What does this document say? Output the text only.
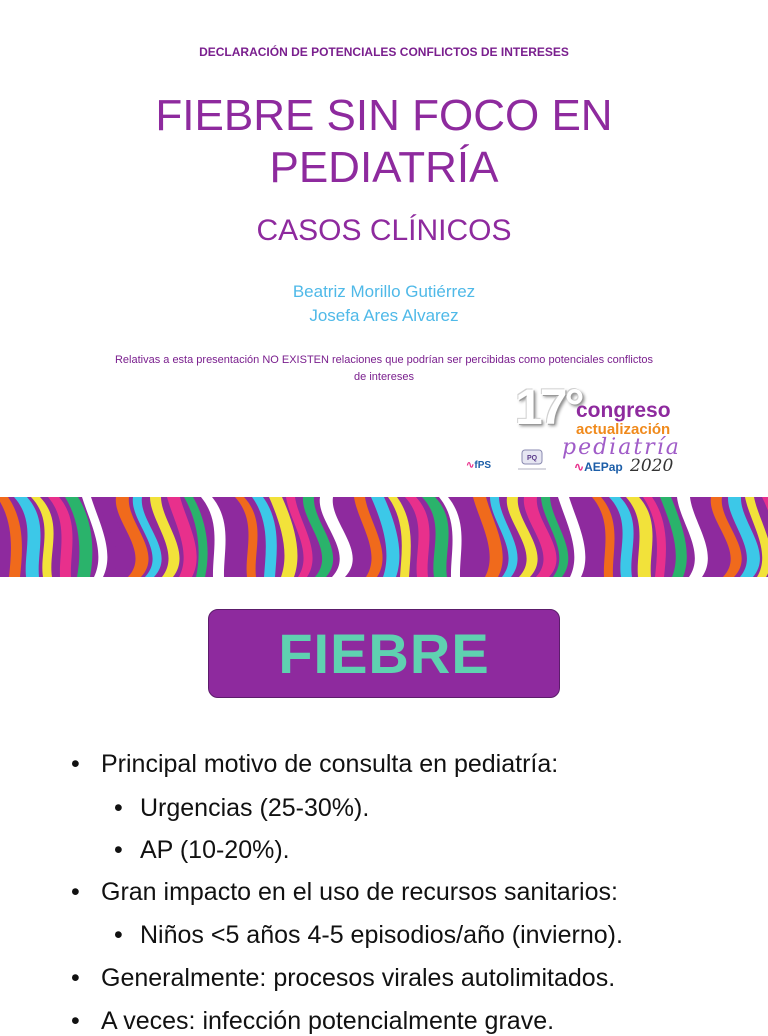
DECLARACIÓN DE POTENCIALES CONFLICTOS DE INTERESES
FIEBRE SIN FOCO EN
PEDIATRÍA
CASOS CLÍNICOS
Beatriz Morillo Gutiérrez
Josefa Ares Alvarez
Relativas a esta presentación NO EXISTEN relaciones que podrían ser percibidas como potenciales conflictos
de intereses
17°
congreso
actualización
pediatría
∿fPS
PQ
∿AEPap 2020
FIEBRE
• Principal motivo de consulta en pediatría:
• Urgencias (25-30%).
• AP (10-20%).
• Gran impacto en el uso de recursos sanitarios:
• Niños <5 años 4-5 episodios/año (invierno).
• Generalmente: procesos virales autolimitados.
• A veces: infección potencialmente grave.
